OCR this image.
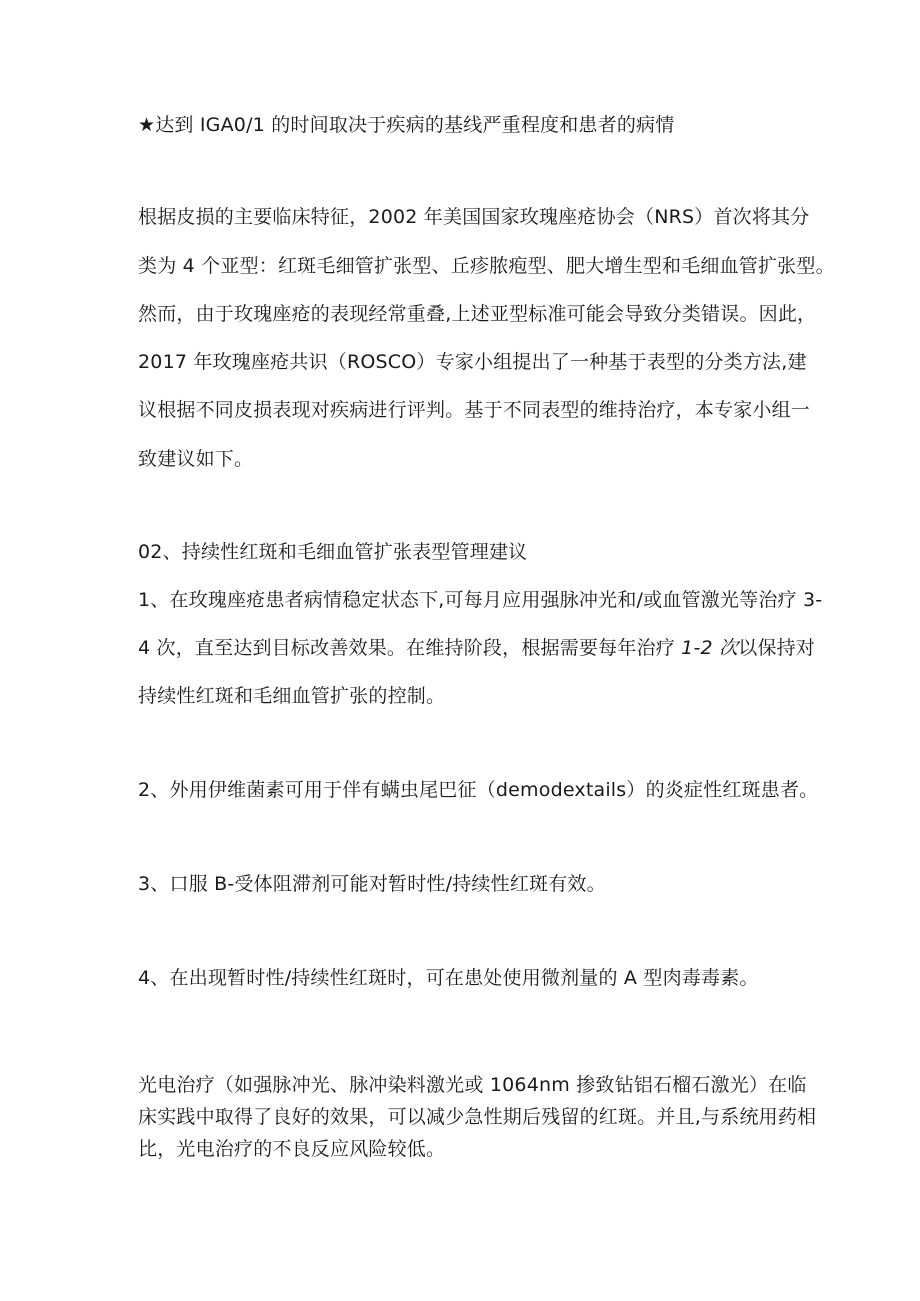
★达到 IGA0/1 的时间取决于疾病的基线严重程度和患者的病情
根据皮损的主要临床特征，2002 年美国国家玫瑰座疮协会（NRS）首次将其分
类为 4 个亚型：红斑毛细管扩张型、丘疹脓疱型、肥大增生型和毛细血管扩张型。
然而，由于玫瑰座疮的表现经常重叠,上述亚型标准可能会导致分类错误。因此，
2017 年玫瑰座疮共识（ROSCO）专家小组提出了一种基于表型的分类方法,建
议根据不同皮损表现对疾病进行评判。基于不同表型的维持治疗，本专家小组一
致建议如下。
02、持续性红斑和毛细血管扩张表型管理建议
1、在玫瑰座疮患者病情稳定状态下,可每月应用强脉冲光和/或血管激光等治疗 3-
4 次，直至达到目标改善效果。在维持阶段，根据需要每年治疗 1-2 次以保持对
持续性红斑和毛细血管扩张的控制。
2、外用伊维菌素可用于伴有螨虫尾巴征（demodextails）的炎症性红斑患者。
3、口服 B-受体阻滞剂可能对暂时性/持续性红斑有效。
4、在出现暂时性/持续性红斑时，可在患处使用微剂量的 A 型肉毒毒素。
光电治疗（如强脉冲光、脉冲染料激光或 1064nm 掺致钻铝石榴石激光）在临
床实践中取得了良好的效果，可以减少急性期后残留的红斑。并且,与系统用药相
比，光电治疗的不良反应风险较低。
